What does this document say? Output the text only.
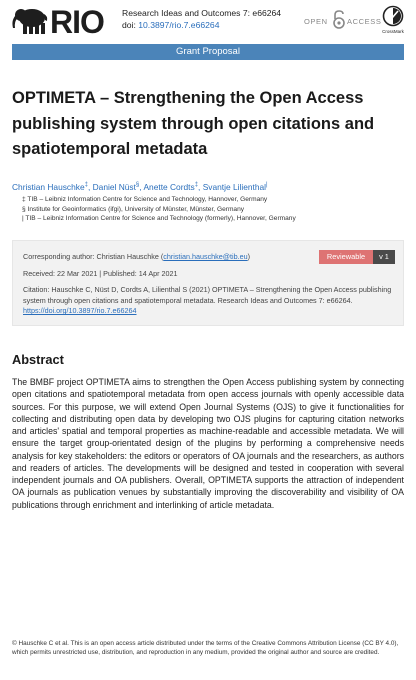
RIO Research Ideas and Outcomes 7: e66264
doi: 10.3897/rio.7.e66264	OPEN	ACCESS
CrossMark
Grant Proposal
OPTIMETA – Strengthening the Open Access publishing system through open citations and spatiotemporal metadata
Christian Hauschke‡, Daniel Nüst§, Anette Cordts‡, Svantje Lilienthal|
‡ TIB – Leibniz Information Centre for Science and Technology, Hannover, Germany
§ Institute for Geoinformatics (ifgi), University of Münster, Münster, Germany
| TIB – Leibniz Information Centre for Science and Technology (formerly), Hannover, Germany
Corresponding author: Christian Hauschke (christian.hauschke@tib.eu)	Reviewable	v 1
Received: 22 Mar 2021 | Published: 14 Apr 2021
Citation: Hauschke C, Nüst D, Cordts A, Lilienthal S (2021) OPTIMETA – Strengthening the Open Access publishing system through open citations and spatiotemporal metadata. Research Ideas and Outcomes 7: e66264. https://doi.org/10.3897/rio.7.e66264
Abstract

The BMBF project OPTIMETA aims to strengthen the Open Access publishing system by connecting open citations and spatiotemporal metadata from open access journals with openly accessible data sources. For this purpose, we will extend Open Journal Systems (OJS) to give it functionalities for collecting and distributing open data by developing two OJS plugins for capturing citation networks and articles' spatial and temporal properties as machine-readable and accessible metadata. We will ensure the target group-orientated design of the plugins by performing a comprehensive needs analysis for key stakeholders: the editors or operators of OA journals and the researchers, as authors and readers of articles. The developments will be designed and tested in cooperation with several independent journals and OA publishers. Overall, OPTIMETA supports the attraction of independent OA journals as publication venues by substantially improving the discoverability and visibility of OA publications through enrichment and interlinking of article metadata.

© Hauschke C et al. This is an open access article distributed under the terms of the Creative Commons Attribution License (CC BY 4.0), which permits unrestricted use, distribution, and reproduction in any medium, provided the original author and source are credited.
